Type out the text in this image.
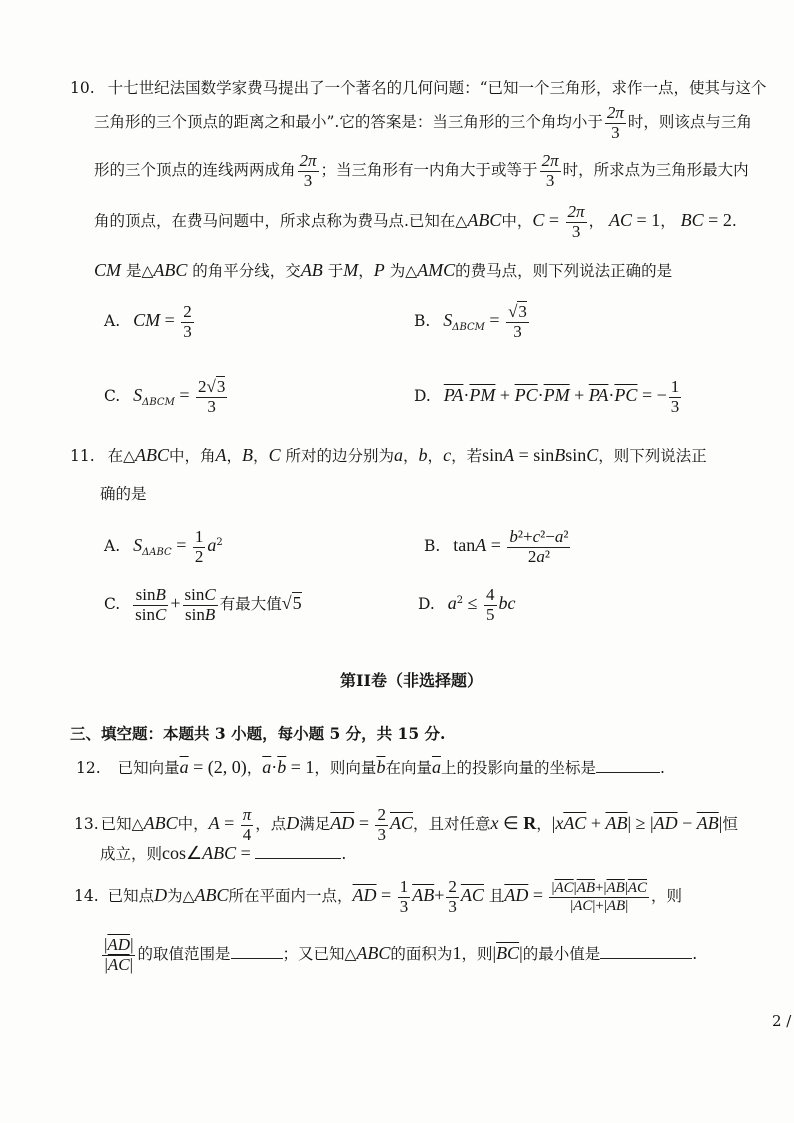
10. 十七世纪法国数学家费马提出了一个著名的几何问题：“已知一个三角形，求作一点，使其与这个
三角形的三个顶点的距离之和最小”.它的答案是：当三角形的三个角均小于 $\frac{2\pi}{3}$ 时，则该点与三角
形的三个顶点的连线两两成角 $\frac{2\pi}{3}$ ；当三角形有一内角大于或等于 $\frac{2\pi}{3}$ 时，所求点为三角形最大内
角的顶点，在费马问题中，所求点称为费马点.已知在△ABC中，$C = \frac{2\pi}{3}$ ， AC = 1， BC = 2.
CM 是△ABC 的角平分线，交AB 于M，P 为△AMC的费马点，则下列说法正确的是
A. CM = $\frac{2}{3}$	B. $S_{\Delta BCM} = \frac{√3}{3}$
C. $S_{\Delta BCM} = \frac{2√3}{3}$	D. $\overline{PA}\cdot\overline{PM} + \overline{PC}\cdot\overline{PM} + \overline{PA}\cdot\overline{PC}$ = − $\frac{1}{3}$
11. 在△ABC中，角A，B，C 所对的边分别为a，b，c，若sinA = sinBsinC，则下列说法正
确的是
A. $S_{\Delta ABC} = \frac{1}{2} a^2$	B. $\tan A = \frac{\text{b²+c²−a²}}{\text{2a²}}$
C. $\frac{\sin B}{\sin C} + \frac{\sin C}{\sin B}$ 有最大值√5	D. $a^2 \le \frac{4}{5}$ bc
第II卷（非选择题）
三、填空题：本题共 3 小题，每小题 5 分，共 15 分.
12. 已知向量$\overline{a} = (2$, 0)，$\overline{a}\cdot\overline{b} = 1$，则向量$\overline{b}$在向量$\overline{a}$上的投影向量的坐标是	.
13. 已知△ABC中，$A = \frac{\pi}{4}$ ，点D满足$\overline{AD} = \frac{2}{3} \overline{AC}$，且对任意x ∈ R，$|x\overline{AC} + \overline{AB}| \ge |\overline{AD} - \overline{AB}|$恒
成立，则cos∠ABC =	.
14. 已知点D为△ABC所在平面内一点，$\overline{AD} = \frac{1}{3} \overline{AB}+ \frac{2}{3} \overline{AC}$ 且$\overline{AD} = \frac{|\overline{AC}|\overline{AB}+|\overline{AB}|\overline{AC}}{|\overline{AC}|+|\overline{AB}|}$ ，则
$\frac{|\overline{AD}|}{|\overline{AC}|}$ 的取值范围是	；又已知△ABC的面积为1，则$|\overline{BC}|$的最小值是	.
2 /
